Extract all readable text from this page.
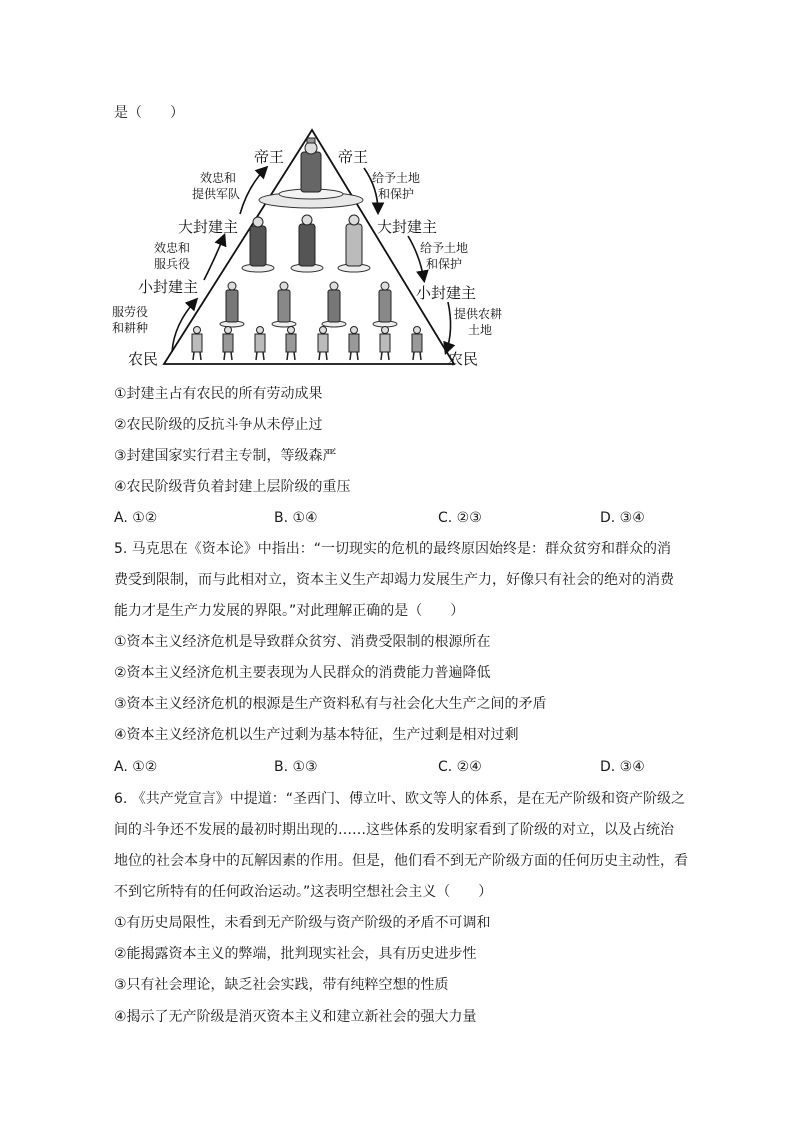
是（　　）
帝王	帝王
效忠和
提供军队
给予土地
和保护
大封建主	大封建主
效忠和
服兵役
给予土地
和保护
小封建主	小封建主
服劳役
和耕种
提供农耕
土地
农民	农民
①封建主占有农民的所有劳动成果
②农民阶级的反抗斗争从未停止过
③封建国家实行君主专制，等级森严
④农民阶级背负着封建上层阶级的重压
A. ①②	B. ①④	C. ②③	D. ③④
5. 马克思在《资本论》中指出：“一切现实的危机的最终原因始终是：群众贫穷和群众的消
费受到限制，而与此相对立，资本主义生产却竭力发展生产力，好像只有社会的绝对的消费
能力才是生产力发展的界限。”对此理解正确的是（　　）
①资本主义经济危机是导致群众贫穷、消费受限制的根源所在
②资本主义经济危机主要表现为人民群众的消费能力普遍降低
③资本主义经济危机的根源是生产资料私有与社会化大生产之间的矛盾
④资本主义经济危机以生产过剩为基本特征，生产过剩是相对过剩
A. ①②	B. ①③	C. ②④	D. ③④
6. 《共产党宣言》中提道：“圣西门、傅立叶、欧文等人的体系，是在无产阶级和资产阶级之
间的斗争还不发展的最初时期出现的……这些体系的发明家看到了阶级的对立，以及占统治
地位的社会本身中的瓦解因素的作用。但是，他们看不到无产阶级方面的任何历史主动性，看
不到它所特有的任何政治运动。”这表明空想社会主义（　　）
①有历史局限性，未看到无产阶级与资产阶级的矛盾不可调和
②能揭露资本主义的弊端，批判现实社会，具有历史进步性
③只有社会理论，缺乏社会实践，带有纯粹空想的性质
④揭示了无产阶级是消灭资本主义和建立新社会的强大力量
